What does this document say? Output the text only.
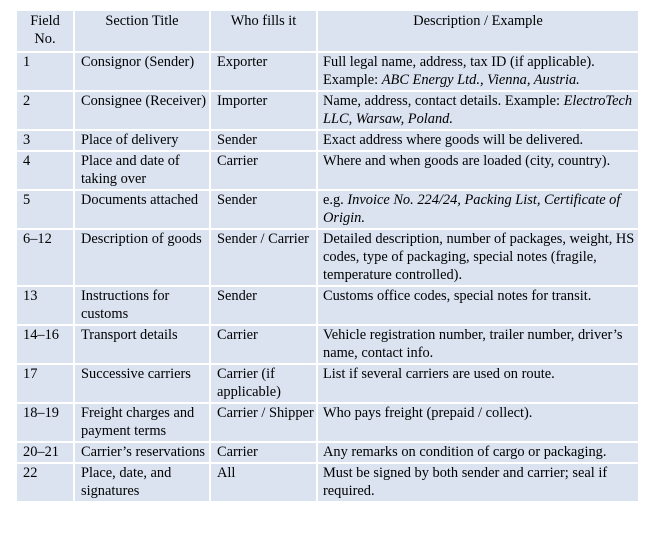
Field No.	Section Title	Who fills it	Description / Example
1	Consignor (Sender)	Exporter	Full legal name, address, tax ID (if applicable). Example: ABC Energy Ltd., Vienna, Austria.
2	Consignee (Receiver)	Importer	Name, address, contact details. Example: ElectroTech LLC, Warsaw, Poland.
3	Place of delivery	Sender	Exact address where goods will be delivered.
4	Place and date of taking over	Carrier	Where and when goods are loaded (city, country).
5	Documents attached	Sender	e.g. Invoice No. 224/24, Packing List, Certificate of Origin.
6–12	Description of goods	Sender / Carrier	Detailed description, number of packages, weight, HS codes, type of packaging, special notes (fragile, temperature controlled).
13	Instructions for customs	Sender	Customs office codes, special notes for transit.
14–16	Transport details	Carrier	Vehicle registration number, trailer number, driver’s name, contact info.
17	Successive carriers	Carrier (if applicable)	List if several carriers are used on route.
18–19	Freight charges and payment terms	Carrier / Shipper	Who pays freight (prepaid / collect).
20–21	Carrier’s reservations	Carrier	Any remarks on condition of cargo or packaging.
22	Place, date, and signatures	All	Must be signed by both sender and carrier; seal if required.
